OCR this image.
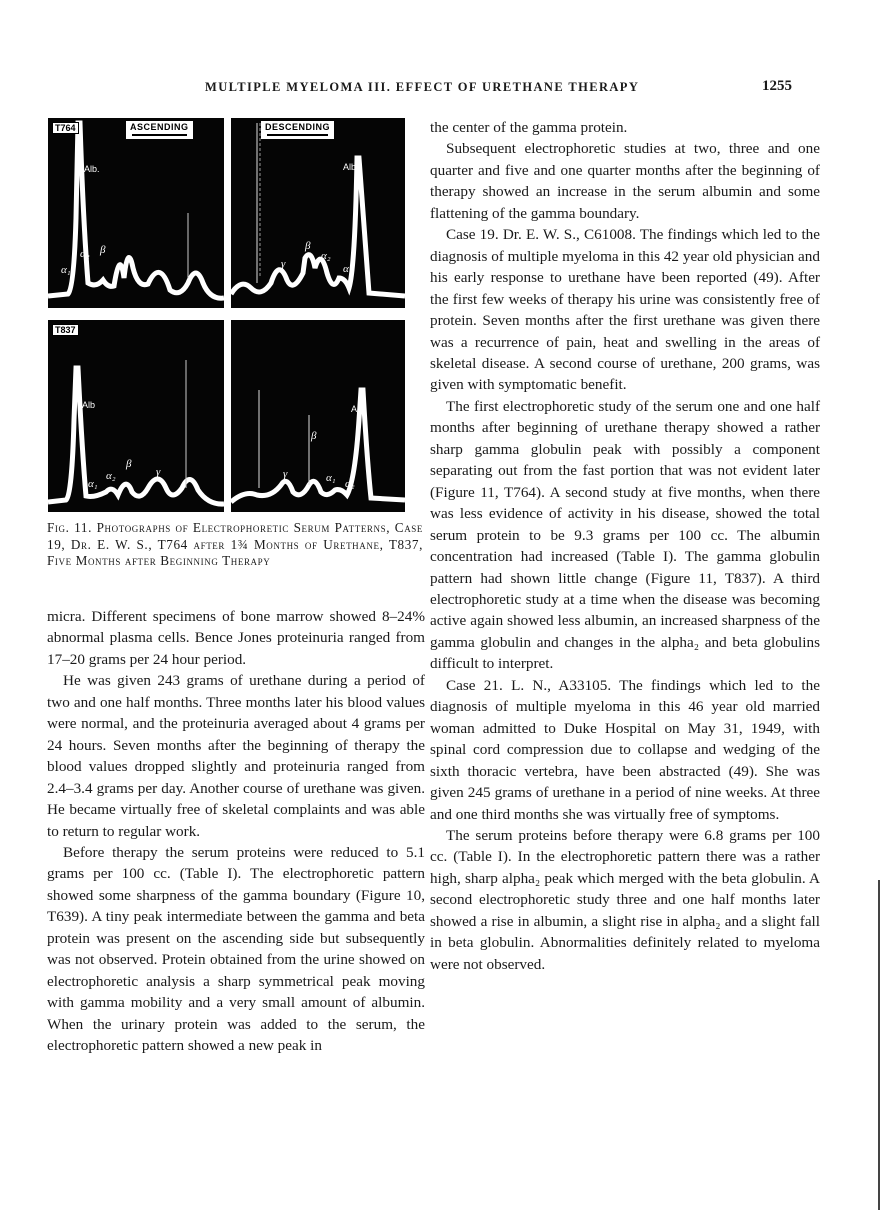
MULTIPLE MYELOMA III. EFFECT OF URETHANE THERAPY	1255
T764	ASCENDING
Alb.
α₁
α₂ β
γ
DESCENDING
Alb.
α₁
α₂
β
γ
T837
Alb
α₁
α₂
β
γ
Alb
α₁ α₂
β
γ
Fig. 11. Photographs of Electrophoretic Serum Patterns, Case 19, Dr. E. W. S., T764 after 1¾ Months of Urethane, T837, Five Months after Beginning Therapy

micra. Different specimens of bone marrow showed 8–24% abnormal plasma cells. Bence Jones proteinuria ranged from 17–20 grams per 24 hour period.

He was given 243 grams of urethane during a period of two and one half months. Three months later his blood values were normal, and the proteinuria averaged about 4 grams per 24 hours. Seven months after the beginning of therapy the blood values dropped slightly and proteinuria ranged from 2.4–3.4 grams per day. Another course of urethane was given. He became virtually free of skeletal complaints and was able to return to regular work.

Before therapy the serum proteins were reduced to 5.1 grams per 100 cc. (Table I). The electrophoretic pattern showed some sharpness of the gamma boundary (Figure 10, T639). A tiny peak intermediate between the gamma and beta protein was present on the ascending side but subsequently was not observed. Protein obtained from the urine showed on electrophoretic analysis a sharp symmetrical peak moving with gamma mobility and a very small amount of albumin. When the urinary protein was added to the serum, the electrophoretic pattern showed a new peak in

the center of the gamma protein.

Subsequent electrophoretic studies at two, three and one quarter and five and one quarter months after the beginning of therapy showed an increase in the serum albumin and some flattening of the gamma boundary.

Case 19. Dr. E. W. S., C61008. The findings which led to the diagnosis of multiple myeloma in this 42 year old physician and his early response to urethane have been reported (49). After the first few weeks of therapy his urine was consistently free of protein. Seven months after the first urethane was given there was a recurrence of pain, heat and swelling in the areas of skeletal disease. A second course of urethane, 200 grams, was given with symptomatic benefit.

The first electrophoretic study of the serum one and one half months after beginning of urethane therapy showed a rather sharp gamma globulin peak with possibly a component separating out from the fast portion that was not evident later (Figure 11, T764). A second study at five months, when there was less evidence of activity in his disease, showed the total serum protein to be 9.3 grams per 100 cc. The albumin concentration had increased (Table I). The gamma globulin pattern had shown little change (Figure 11, T837). A third electrophoretic study at a time when the disease was becoming active again showed less albumin, an increased sharpness of the gamma globulin and changes in the alpha₂ and beta globulins difficult to interpret.

Case 21. L. N., A33105. The findings which led to the diagnosis of multiple myeloma in this 46 year old married woman admitted to Duke Hospital on May 31, 1949, with spinal cord compression due to collapse and wedging of the sixth thoracic vertebra, have been abstracted (49). She was given 245 grams of urethane in a period of nine weeks. At three and one third months she was virtually free of symptoms.

The serum proteins before therapy were 6.8 grams per 100 cc. (Table I). In the electrophoretic pattern there was a rather high, sharp alpha₂ peak which merged with the beta globulin. A second electrophoretic study three and one half months later showed a rise in albumin, a slight rise in alpha₂ and a slight fall in beta globulin. Abnormalities definitely related to myeloma were not observed.
